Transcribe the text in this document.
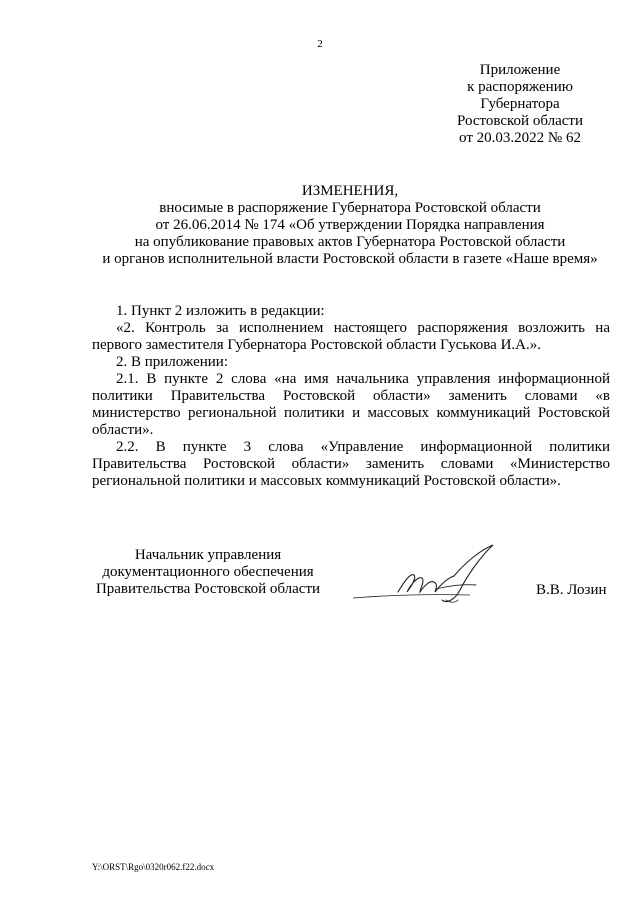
2
Приложение
к распоряжению
Губернатора
Ростовской области
от 20.03.2022 № 62
ИЗМЕНЕНИЯ,
вносимые в распоряжение Губернатора Ростовской области
от 26.06.2014 № 174 «Об утверждении Порядка направления
на опубликование правовых актов Губернатора Ростовской области
и органов исполнительной власти Ростовской области в газете «Наше время»

1. Пункт 2 изложить в редакции:

«2. Контроль за исполнением настоящего распоряжения возложить на первого заместителя Губернатора Ростовской области Гуськова И.А.».

2. В приложении:

2.1. В пункте 2 слова «на имя начальника управления информационной политики Правительства Ростовской области» заменить словами «в министерство региональной политики и массовых коммуникаций Ростовской области».

2.2. В пункте 3 слова «Управление информационной политики Правительства Ростовской области» заменить словами «Министерство региональной политики и массовых коммуникаций Ростовской области».

Начальник управления
документационного обеспечения
Правительства Ростовской области	В.В. Лозин
Y:\ORST\Rgo\0320r062.f22.docx
